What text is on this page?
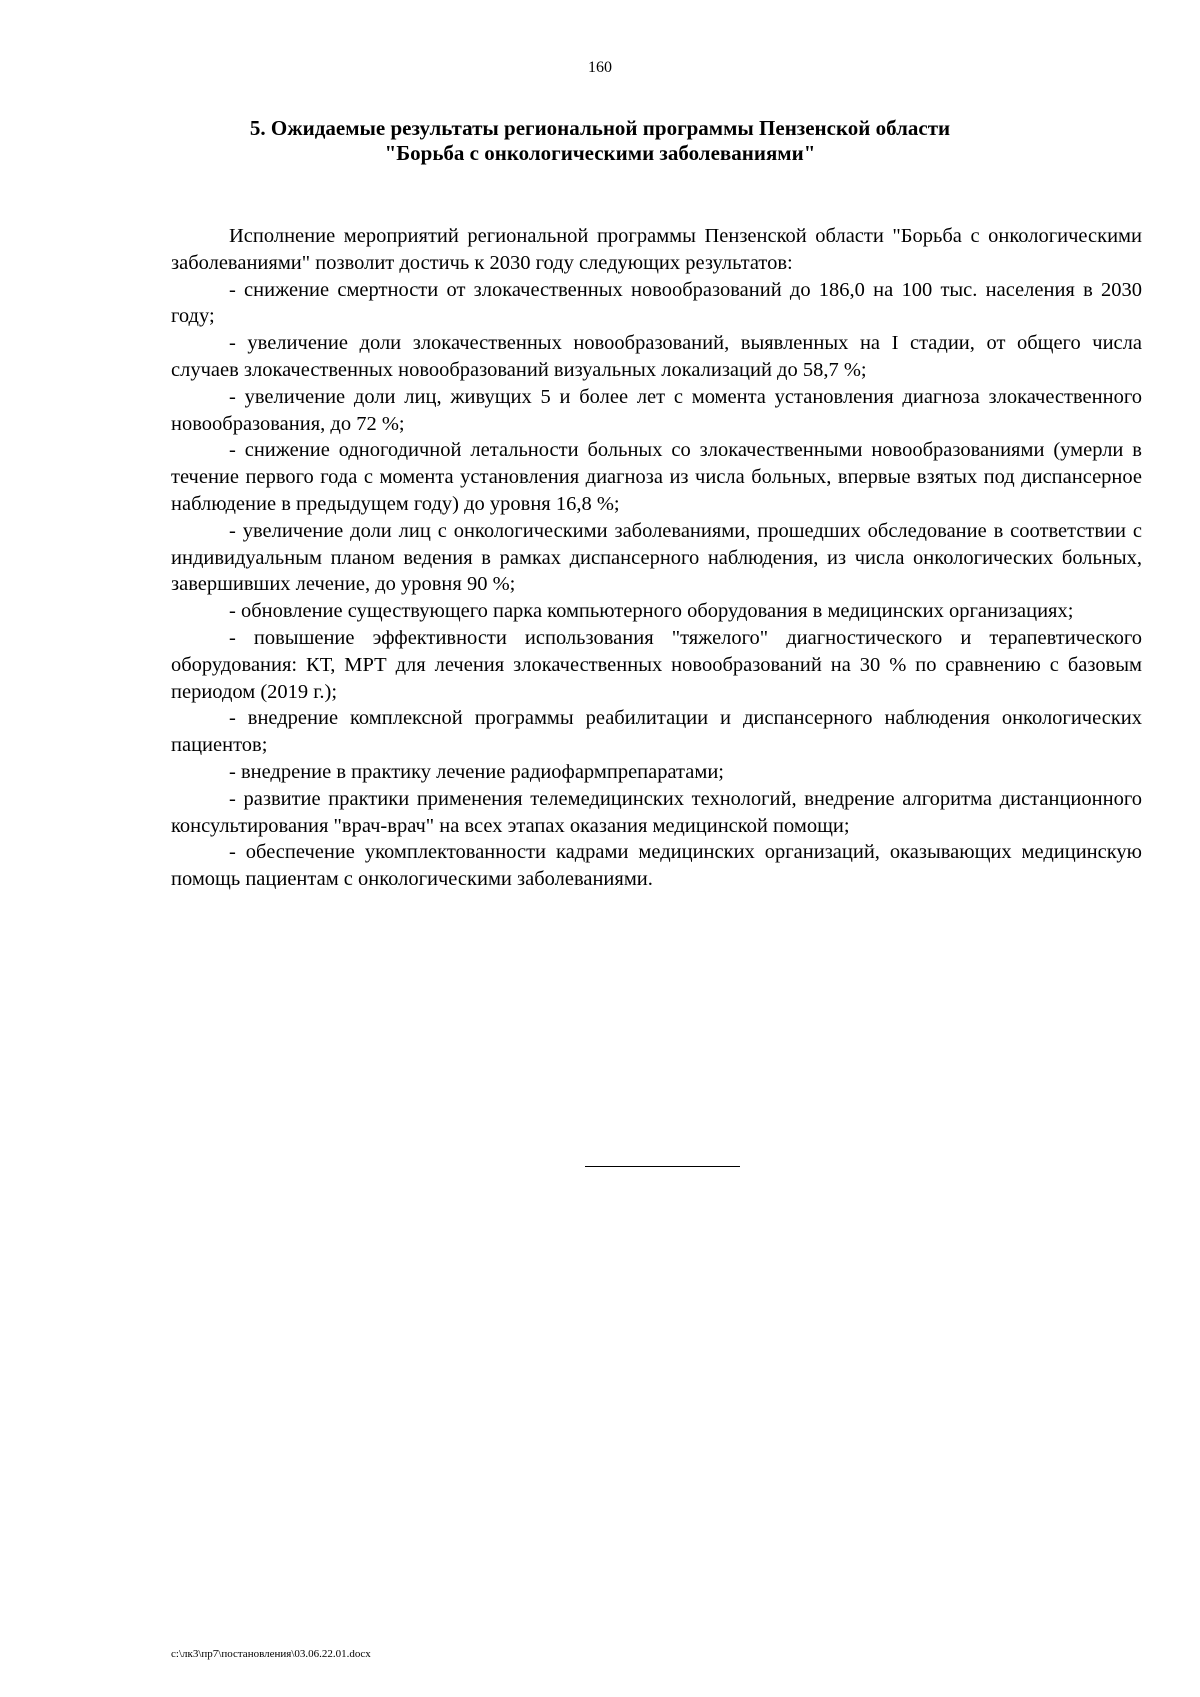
160
5. Ожидаемые результаты региональной программы Пензенской области
"Борьба с онкологическими заболеваниями"

Исполнение мероприятий региональной программы Пензенской области "Борьба с онкологическими заболеваниями" позволит достичь к 2030 году следующих результатов:

- снижение смертности от злокачественных новообразований до 186,0 на 100 тыс. населения в 2030 году;

- увеличение доли злокачественных новообразований, выявленных на I стадии, от общего числа случаев злокачественных новообразований визуальных локализаций до 58,7 %;

- увеличение доли лиц, живущих 5 и более лет с момента установления диагноза злокачественного новообразования, до 72 %;

- снижение одногодичной летальности больных со злокачественными новообразованиями (умерли в течение первого года с момента установления диагноза из числа больных, впервые взятых под диспансерное наблюдение в предыдущем году) до уровня 16,8 %;

- увеличение доли лиц с онкологическими заболеваниями, прошедших обследование в соответствии с индивидуальным планом ведения в рамках диспансерного наблюдения, из числа онкологических больных, завершивших лечение, до уровня 90 %;

- обновление существующего парка компьютерного оборудования в медицинских организациях;

- повышение эффективности использования "тяжелого" диагностического и терапевтического оборудования: КТ, МРТ для лечения злокачественных новообразований на 30 % по сравнению с базовым периодом (2019 г.);

- внедрение комплексной программы реабилитации и диспансерного наблюдения онкологических пациентов;

- внедрение в практику лечение радиофармпрепаратами;

- развитие практики применения телемедицинских технологий, внедрение алгоритма дистанционного консультирования "врач-врач" на всех этапах оказания медицинской помощи;

- обеспечение укомплектованности кадрами медицинских организаций, оказывающих медицинскую помощь пациентам с онкологическими заболеваниями.

c:\лк3\пр7\постановления\03.06.22.01.docx
